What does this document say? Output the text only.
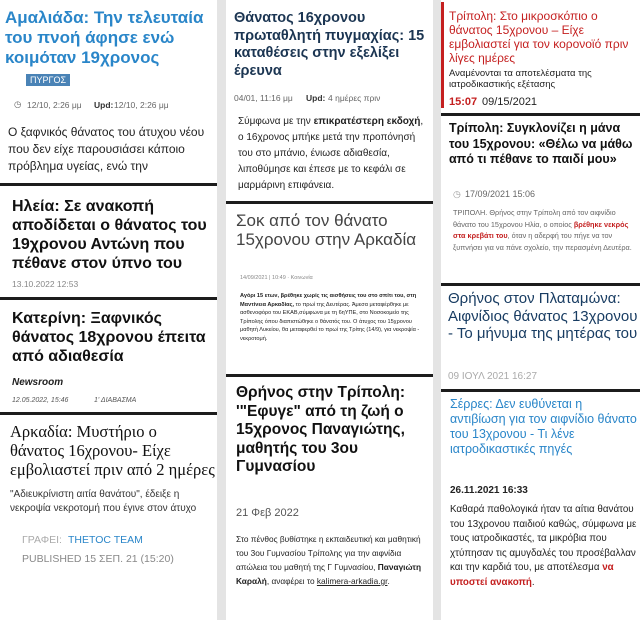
Αμαλιάδα: Την τελευταία του πνοή άφησε ενώ κοιμόταν 19χρονος

ΠΥΡΓΟΣ
◷ 12/10, 2:26 μμ Upd: 12/10, 2:26 μμ

Ο ξαφνικός θάνατος του άτυχου νέου που δεν είχε παρουσιάσει κάποιο πρόβλημα υγείας, ενώ την

Ηλεία: Σε ανακοπή αποδίδεται ο θάνατος του 19χρονου Αντώνη που πέθανε στον ύπνο του

13.10.2022 12:53

Κατερίνη: Ξαφνικός θάνατος 18χρονου έπειτα από αδιαθεσία

Newsroom
12.05.2022, 15:46	1' ΔΙΑΒΑΣΜΑ

Αρκαδία: Μυστήριο ο θάνατος 16χρονου- Είχε εμβολιαστεί πριν από 2 ημέρες

"Αδιευκρίνιστη αιτία θανάτου", έδειξε η νεκροψία νεκροτομή που έγινε στον άτυχο

ΓΡΑΦΕΙ: THETOC TEAM
PUBLISHED 15 ΣΕΠ. 21 (15:20)

Θάνατος 16χρονου πρωταθλητή πυγμαχίας: 15 καταθέσεις στην εξελίξει έρευνα

04/01, 11:16 μμ Upd: 4 ημέρες πριν

Σύμφωνα με την επικρατέστερη εκδοχή, ο 16χρονος μπήκε μετά την προπόνησή του στο μπάνιο, ένιωσε αδιαθεσία, λιποθύμησε και έπεσε με το κεφάλι σε μαρμάρινη επιφάνεια.

Σοκ από τον θάνατο 15χρονου στην Αρκαδία

14/09/2021 | 10:49 · Κοινωνία

Αγόρι 15 ετων, βρέθηκε χωρίς τις αισθήσεις του στο σπίτι του, στη Μαντίνεια Αρκαδίας, το πρωί της Δευτέρας. Άμεσα μεταφέρθηκε με ασθενοφόρο του ΕΚΑΒ,σύμφωνα με τη 6ηΥΠΕ, στο Νοσοκομείο της Τρίπολης όπου διαπιστώθηκε ο θάνατός του. Ο άτυχος του 15χρονου μαθητή Λυκείου, θα μεταφερθεί το πρωί της Τρίτης (14/9), για νεκροψία - νεκροτομή.

Θρήνος στην Τρίπολη: '"Εφυγε" από τη ζωή ο 15χρονος Παναγιώτης, μαθητής του 3ου Γυμνασίου

21 Φεβ 2022

Στο πένθος βυθίστηκε η εκπαιδευτική και μαθητική του 3ου Γυμνασίου Τρίπολης για την αιφνίδια απώλεια του μαθητή της Γ Γυμνασίου, Παναγιώτη Καραλή, αναφέρει το kalimera-arkadia.gr.

Τρίπολη: Στο μικροσκόπιο ο θάνατος 15χρονου – Είχε εμβολιαστεί για τον κορονοϊό πριν λίγες ημέρες

Αναμένονται τα αποτελέσματα της ιατροδικαστικής εξέτασης

15:07 09/15/2021

Τρίπολη: Συγκλονίζει η μάνα του 15χρονου: «Θέλω να μάθω από τι πέθανε το παιδί μου»

◷ 17/09/2021 15:06

ΤΡΙΠΟΛΗ. Θρήνος στην Τρίπολη από τον αιφνίδιο θάνατο του 15χρονου Ηλία, ο οποίος βρέθηκε νεκρός στα κρεβάτι του, όταν η αδερφή του πήγε να τον ξυπνήσει για να πάνε σχολείο, την περασμένη Δευτέρα.

Θρήνος στον Πλαταμώνα: Αιφνίδιος θάνατος 13χρονου - Το μήνυμα της μητέρας του

09 ΙΟΥΛ 2021 16:27

Σέρρες: Δεν ευθύνεται η αντιβίωση για τον αιφνίδιο θάνατο του 13χρονου - Τι λένε ιατροδικαστικές πηγές

26.11.2021 16:33

Καθαρά παθολογικά ήταν τα αίτια θανάτου του 13χρονου παιδιού καθώς, σύμφωνα με τους ιατροδικαστές, τα μικρόβια που χτύπησαν τις αμυγδαλές του προσέβαλλαν και την καρδιά του, με αποτέλεσμα να υποστεί ανακοπή.
